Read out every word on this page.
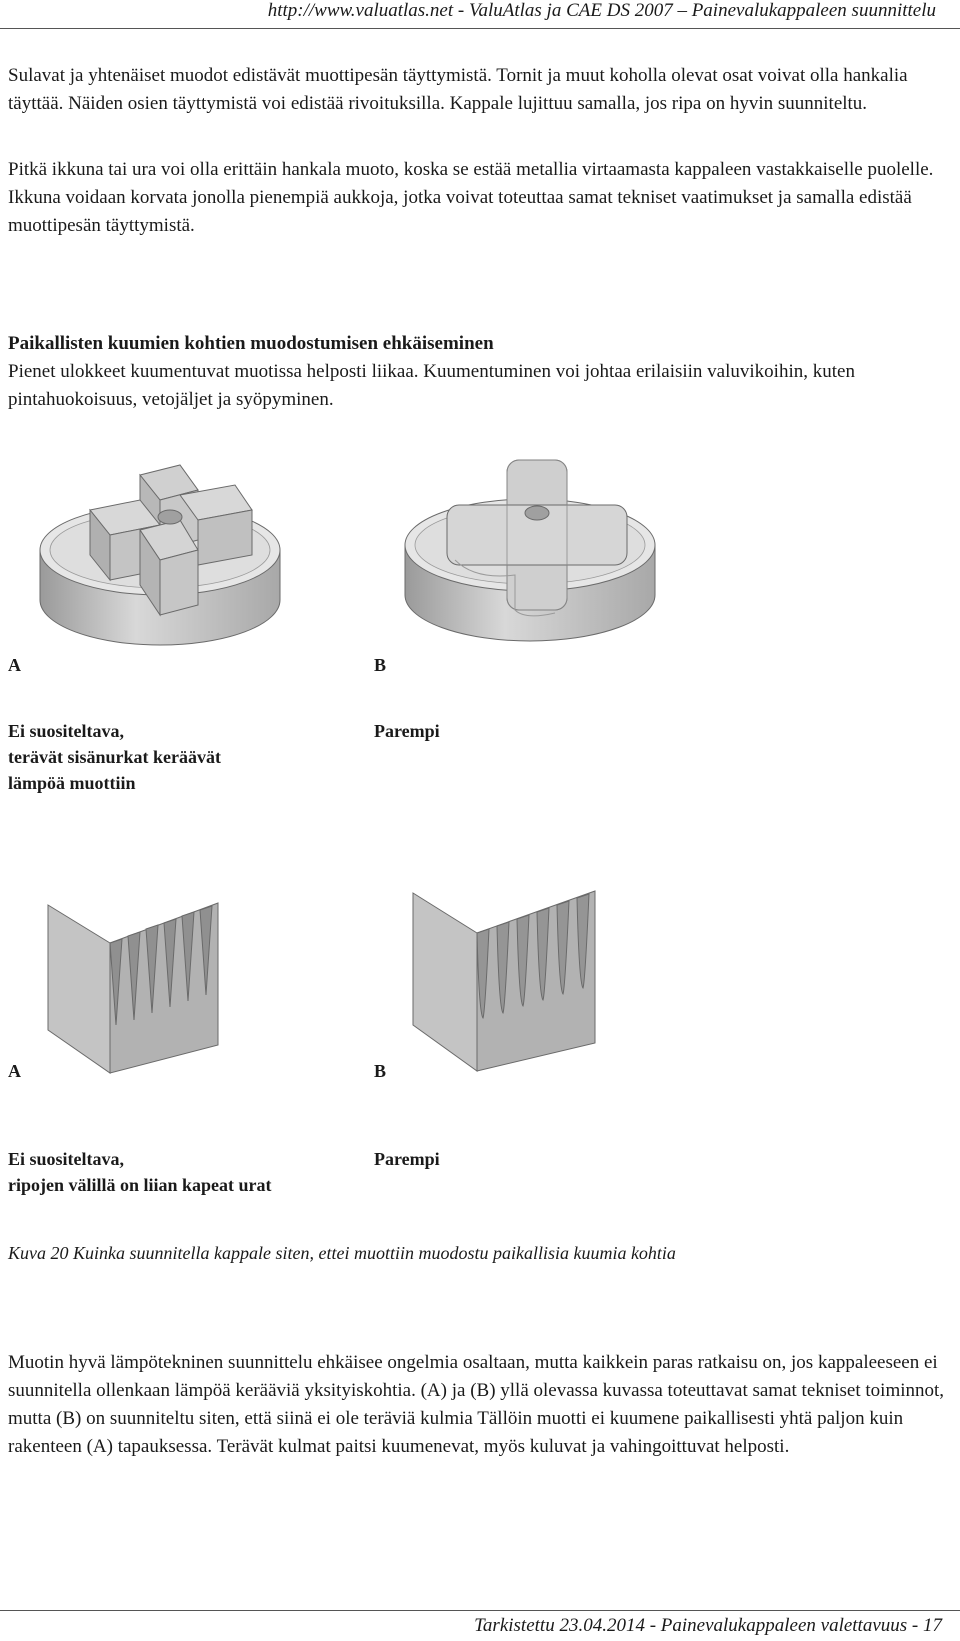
http://www.valuatlas.net - ValuAtlas ja CAE DS 2007 – Painevalukappaleen suunnittelu

Sulavat ja yhtenäiset muodot edistävät muottipesän täyttymistä. Tornit ja muut koholla olevat osat voivat olla hankalia täyttää. Näiden osien täyttymistä voi edistää rivoituksilla. Kappale lujittuu samalla, jos ripa on hyvin suunniteltu.

Pitkä ikkuna tai ura voi olla erittäin hankala muoto, koska se estää metallia virtaamasta kappaleen vastakkaiselle puolelle. Ikkuna voidaan korvata jonolla pienempiä aukkoja, jotka voivat toteuttaa samat tekniset vaatimukset ja samalla edistää muottipesän täyttymistä.

Paikallisten kuumien kohtien muodostumisen ehkäiseminen

Pienet ulokkeet kuumentuvat muotissa helposti liikaa. Kuumentuminen voi johtaa erilaisiin valuvikoihin, kuten pintahuokoisuus, vetojäljet ja syöpyminen.

A

Ei suositeltava,
terävät sisänurkat keräävät
lämpöä muottiin

B

Parempi

A

Ei suositeltava,
ripojen välillä on liian kapeat urat

B

Parempi

Kuva 20 Kuinka suunnitella kappale siten, ettei muottiin muodostu paikallisia kuumia kohtia

Muotin hyvä lämpötekninen suunnittelu ehkäisee ongelmia osaltaan, mutta kaikkein paras ratkaisu on, jos kappaleeseen ei suunnitella ollenkaan lämpöä kerääviä yksityiskohtia. (A) ja (B) yllä olevassa kuvassa toteuttavat samat tekniset toiminnot, mutta (B) on suunniteltu siten, että siinä ei ole teräviä kulmia Tällöin muotti ei kuumene paikallisesti yhtä paljon kuin rakenteen (A) tapauksessa. Terävät kulmat paitsi kuumenevat, myös kuluvat ja vahingoittuvat helposti.

Tarkistettu 23.04.2014 - Painevalukappaleen valettavuus - 17
